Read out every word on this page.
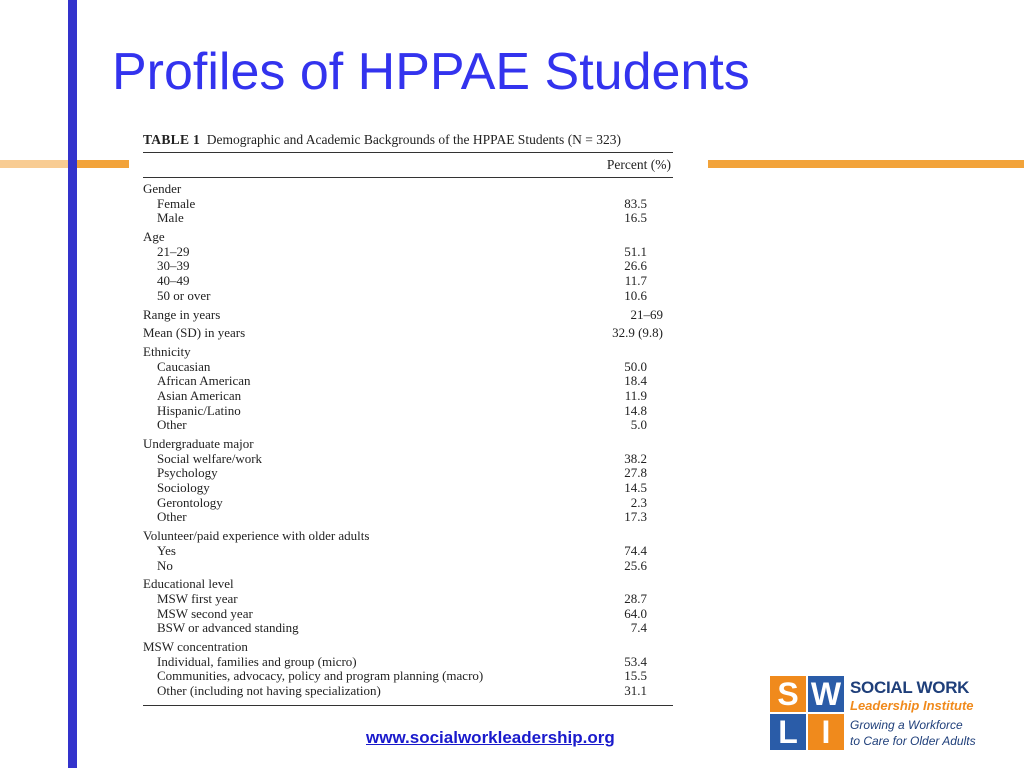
Profiles of HPPAE Students
TABLE 1 Demographic and Academic Backgrounds of the HPPAE Students (N = 323)
Percent (%)
Gender
Female	83.5
Male	16.5
Age
21–29	51.1
30–39	26.6
40–49	11.7
50 or over	10.6
Range in years	21–69
Mean (SD) in years	32.9 (9.8)
Ethnicity
Caucasian	50.0
African American	18.4
Asian American	11.9
Hispanic/Latino	14.8
Other	5.0
Undergraduate major
Social welfare/work	38.2
Psychology	27.8
Sociology	14.5
Gerontology	2.3
Other	17.3
Volunteer/paid experience with older adults
Yes	74.4
No	25.6
Educational level
MSW first year	28.7
MSW second year	64.0
BSW or advanced standing	7.4
MSW concentration
Individual, families and group (micro)	53.4
Communities, advocacy, policy and program planning (macro)	15.5
Other (including not having specialization)	31.1
www.socialworkleadership.org
S W
L I
SOCIAL WORK
Leadership Institute
Growing a Workforce
to Care for Older Adults
